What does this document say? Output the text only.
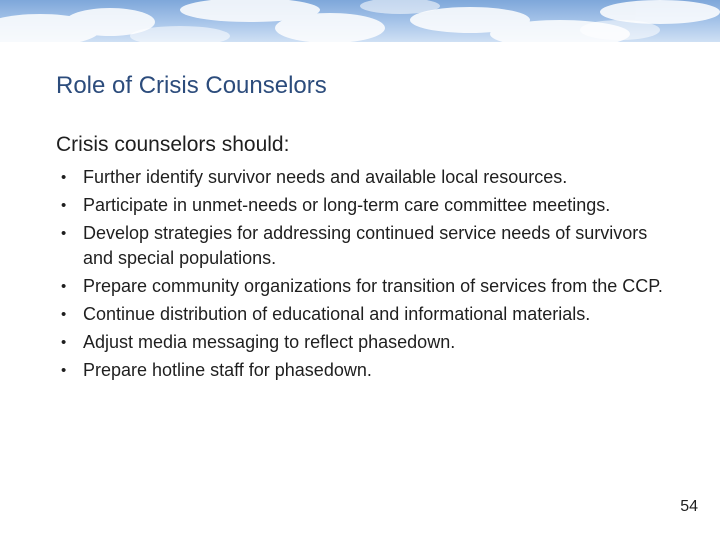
Role of Crisis Counselors

Crisis counselors should:

• Further identify survivor needs and available local resources.
• Participate in unmet-needs or long-term care committee meetings.
• Develop strategies for addressing continued service needs of survivors and special populations.
• Prepare community organizations for transition of services from the CCP.
• Continue distribution of educational and informational materials.
• Adjust media messaging to reflect phasedown.
• Prepare hotline staff for phasedown.
54
